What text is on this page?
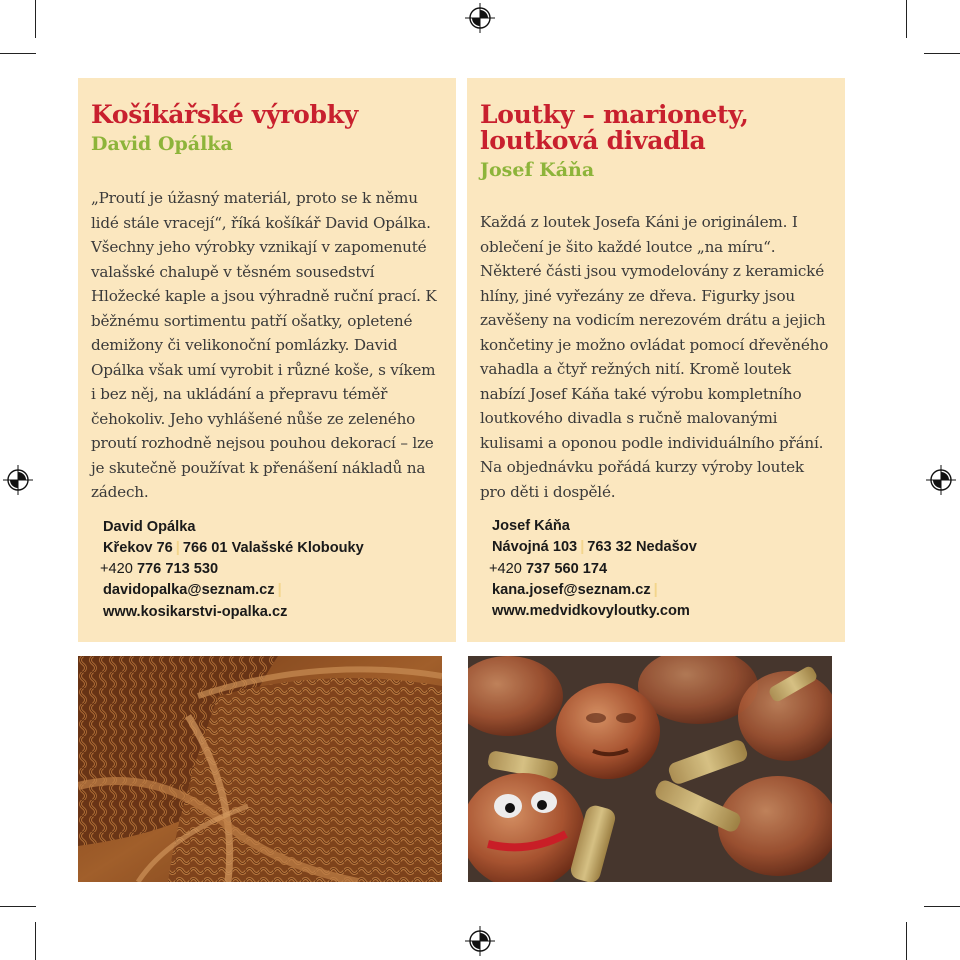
Košíkářské výrobky
David Opálka

„Proutí je úžasný materiál, proto se k němu lidé stále vracejí“, říká košíkář David Opálka. Všechny jeho výrobky vznikají v zapomenuté valašské chalupě v těsném sousedství Hložecké kaple a jsou výhradně ruční prací. K běžnému sortimentu patří ošatky, opletené demižony či velikonoční pomlázky. David Opálka však umí vyrobit i různé koše, s víkem i bez něj, na ukládání a přepravu téměř čehokoliv. Jeho vyhlášené nůše ze zeleného proutí rozhodně nejsou pouhou dekorací – lze je skutečně používat k přenášení nákladů na zádech.

David Opálka
Křekov 76 | 766 01 Valašské Klobouky
+420 776 713 530
davidopalka@seznam.cz |
www.kosikarstvi-opalka.cz
Loutky – marionety, loutková divadla
Josef Káňa

Každá z loutek Josefa Káni je originálem. I oblečení je šito každé loutce „na míru“. Některé části jsou vymodelovány z keramické hlíny, jiné vyřezány ze dřeva. Figurky jsou zavěšeny na vodicím nerezovém drátu a jejich končetiny je možno ovládat pomocí dřevěného vahadla a čtyř režných nití. Kromě loutek nabízí Josef Káňa také výrobu kompletního loutkového divadla s ručně malovanými kulisami a oponou podle individuálního přání. Na objednávku pořádá kurzy výroby loutek pro děti i dospělé.

Josef Káňa
Návojná 103 | 763 32 Nedašov
+420 737 560 174
kana.josef@seznam.cz |
www.medvidkovyloutky.com
